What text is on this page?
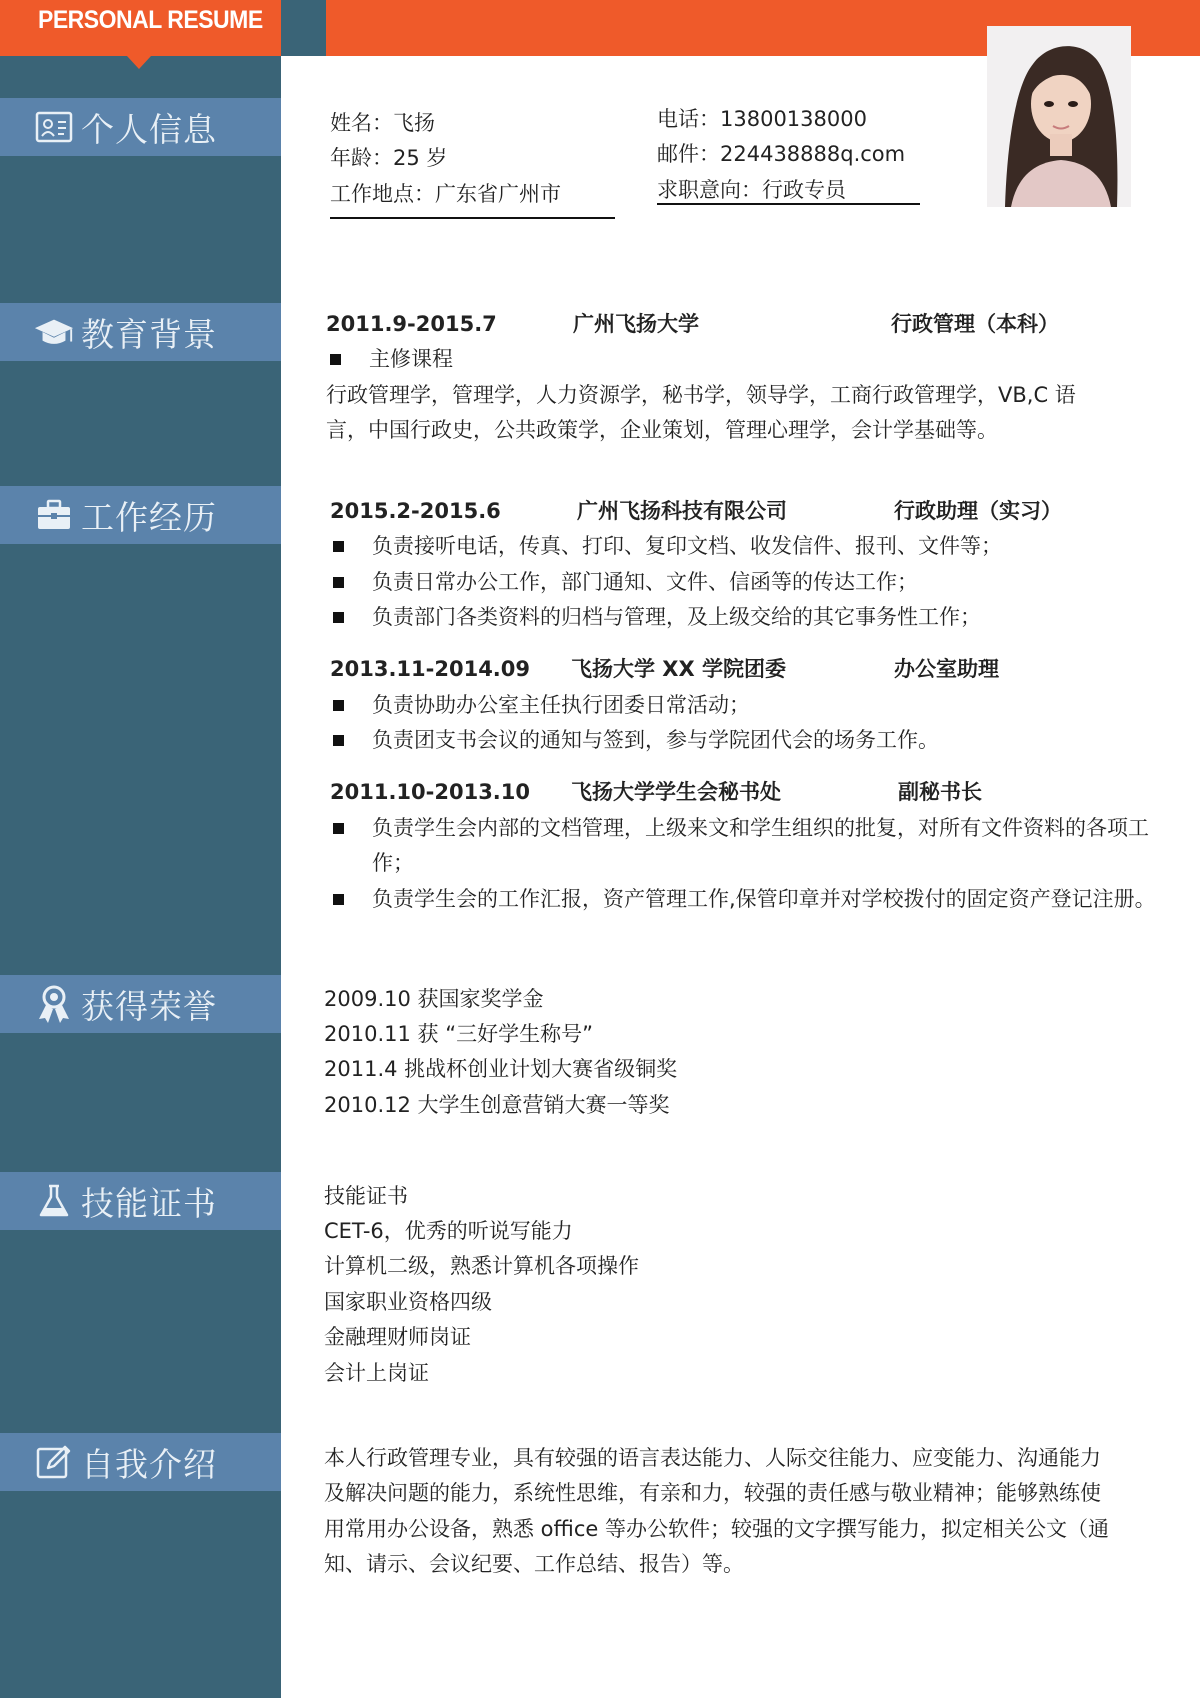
PERSONAL RESUME
个人信息
教育背景
工作经历
获得荣誉
技能证书
自我介绍
姓名：飞扬
年龄：25 岁
工作地点：广东省广州市
电话：13800138000
邮件：224438888q.com
求职意向：行政专员
2011.9-2015.7	广州飞扬大学	行政管理（本科）
主修课程
行政管理学，管理学，人力资源学，秘书学，领导学，工商行政管理学，VB,C 语
言，中国行政史，公共政策学，企业策划，管理心理学，会计学基础等。
2015.2-2015.6	广州飞扬科技有限公司	行政助理（实习）
负责接听电话，传真、打印、复印文档、收发信件、报刊、文件等；
负责日常办公工作，部门通知、文件、信函等的传达工作；
负责部门各类资料的归档与管理，及上级交给的其它事务性工作；
2013.11-2014.09 飞扬大学 XX 学院团委	办公室助理
负责协助办公室主任执行团委日常活动；
负责团支书会议的通知与签到，参与学院团代会的场务工作。
2011.10-2013.10 飞扬大学学生会秘书处	副秘书长
负责学生会内部的文档管理，上级来文和学生组织的批复，对所有文件资料的各项工
作；
负责学生会的工作汇报，资产管理工作,保管印章并对学校拨付的固定资产登记注册。
2009.10 获国家奖学金
2010.11 获 “三好学生称号”
2011.4 挑战杯创业计划大赛省级铜奖
2010.12 大学生创意营销大赛一等奖
技能证书
CET-6，优秀的听说写能力
计算机二级，熟悉计算机各项操作
国家职业资格四级
金融理财师岗证
会计上岗证
本人行政管理专业，具有较强的语言表达能力、人际交往能力、应变能力、沟通能力
及解决问题的能力，系统性思维，有亲和力，较强的责任感与敬业精神；能够熟练使
用常用办公设备，熟悉 office 等办公软件；较强的文字撰写能力，拟定相关公文（通
知、请示、会议纪要、工作总结、报告）等。
